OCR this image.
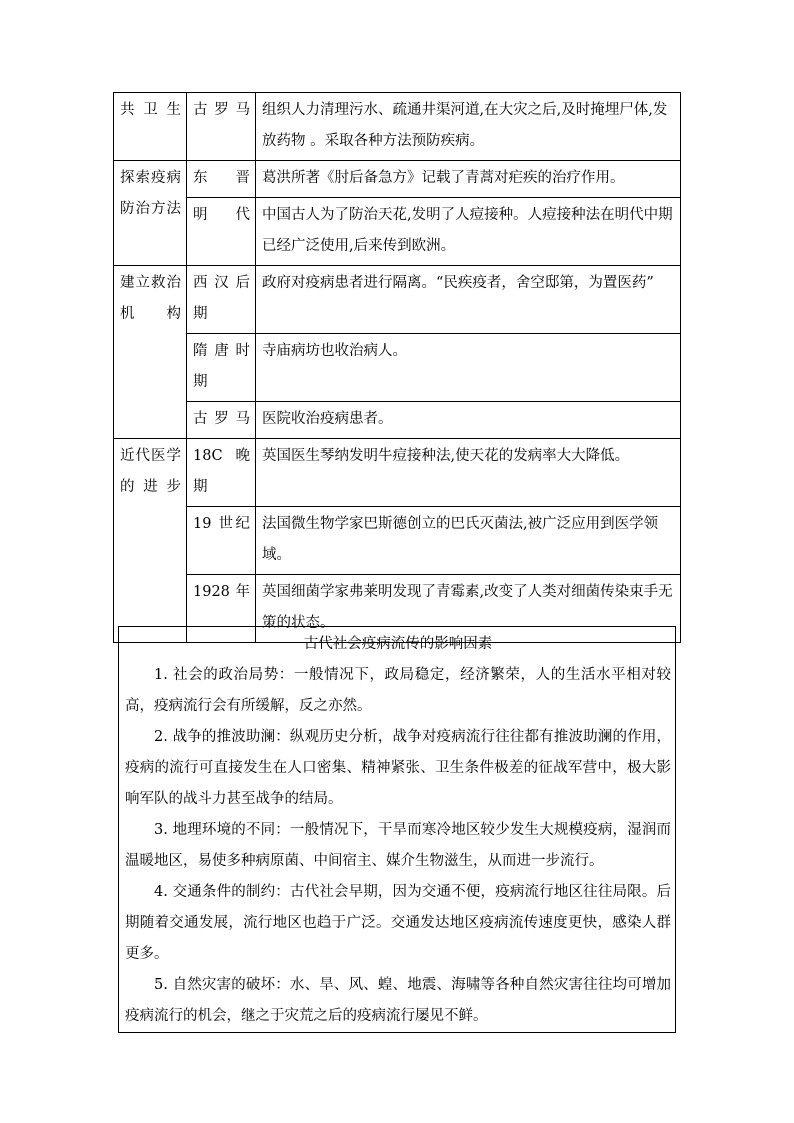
共卫生	古罗马	组织人力清理污水、疏通井渠河道,在大灾之后,及时掩埋尸体,发放药物 。采取各种方法预防疾病。
探索疫病防治方法	东晋	葛洪所著《肘后备急方》记载了青蒿对疟疾的治疗作用。
	明代	中国古人为了防治天花,发明了人痘接种。人痘接种法在明代中期已经广泛使用,后来传到欧洲。
建立救治机构	西汉后期	政府对疫病患者进行隔离。“民疾疫者，舍空邸第，为置医药”
	隋唐时期	寺庙病坊也收治病人。
	古罗马	医院收治疫病患者。
近代医学的进步	18C 晚期	英国医生琴纳发明牛痘接种法,使天花的发病率大大降低。
	19 世纪	法国微生物学家巴斯德创立的巴氏灭菌法,被广泛应用到医学领域。
	1928 年	英国细菌学家弗莱明发现了青霉素,改变了人类对细菌传染束手无策的状态。

古代社会疫病流传的影响因素

1. 社会的政治局势：一般情况下，政局稳定，经济繁荣，人的生活水平相对较高，疫病流行会有所缓解，反之亦然。

2. 战争的推波助澜：纵观历史分析，战争对疫病流行往往都有推波助澜的作用，疫病的流行可直接发生在人口密集、精神紧张、卫生条件极差的征战军营中，极大影响军队的战斗力甚至战争的结局。

3. 地理环境的不同：一般情况下，干旱而寒冷地区较少发生大规模疫病，湿润而温暖地区，易使多种病原菌、中间宿主、媒介生物滋生，从而进一步流行。

4. 交通条件的制约：古代社会早期，因为交通不便，疫病流行地区往往局限。后期随着交通发展，流行地区也趋于广泛。交通发达地区疫病流传速度更快，感染人群更多。

5. 自然灾害的破坏：水、旱、风、蝗、地震、海啸等各种自然灾害往往均可增加疫病流行的机会，继之于灾荒之后的疫病流行屡见不鲜。
